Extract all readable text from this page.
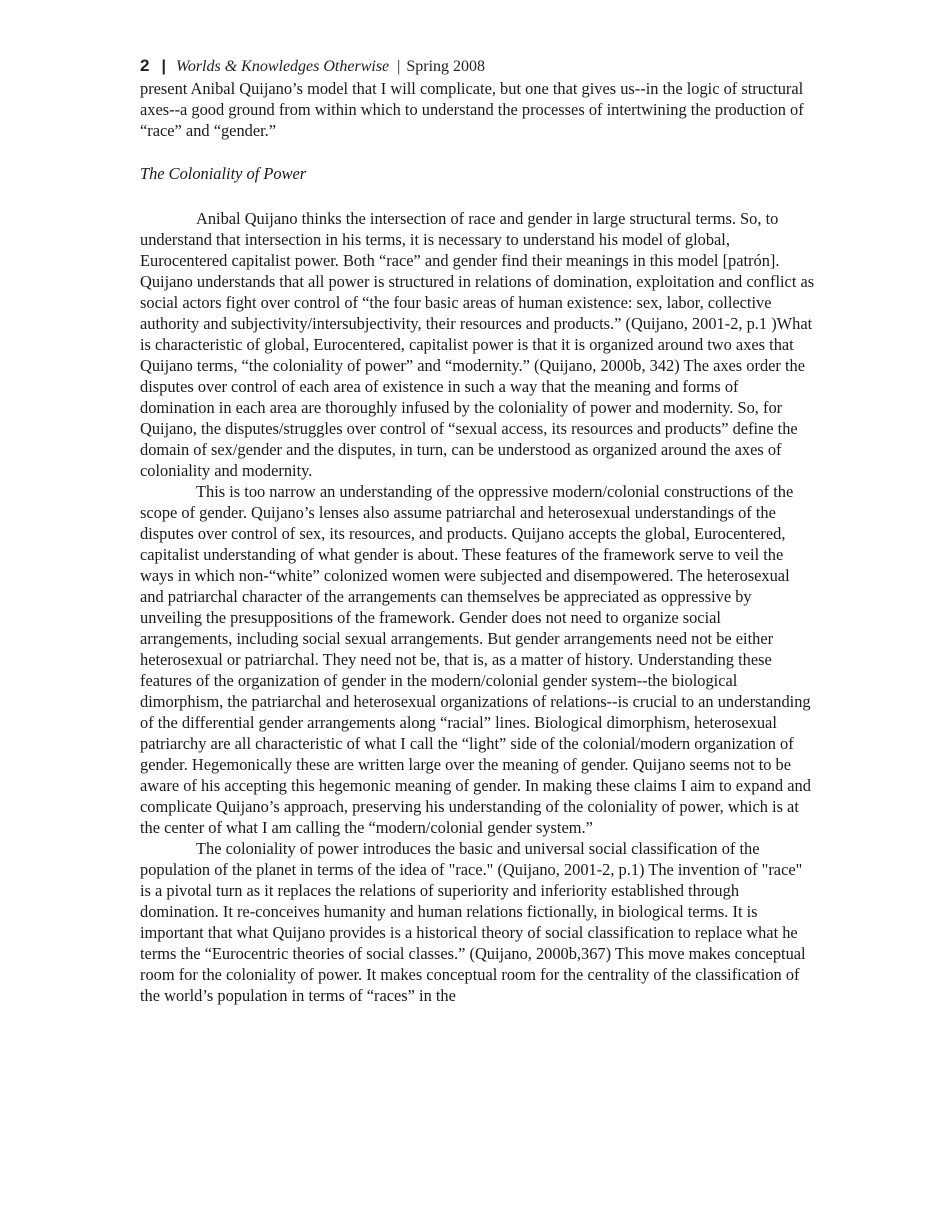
2 | Worlds & Knowledges Otherwise | Spring 2008

present Anibal Quijano’s model that I will complicate, but one that gives us--in the logic of structural axes--a good ground from within which to understand the processes of intertwining the production of “race” and “gender.”

The Coloniality of Power

Anibal Quijano thinks the intersection of race and gender in large structural terms. So, to understand that intersection in his terms, it is necessary to understand his model of global, Eurocentered capitalist power. Both “race” and gender find their meanings in this model [patrón]. Quijano understands that all power is structured in relations of domination, exploitation and conflict as social actors fight over control of “the four basic areas of human existence: sex, labor, collective authority and subjectivity/intersubjectivity, their resources and products.” (Quijano, 2001-2, p.1 )What is characteristic of global, Eurocentered, capitalist power is that it is organized around two axes that Quijano terms, “the coloniality of power” and “modernity.” (Quijano, 2000b, 342) The axes order the disputes over control of each area of existence in such a way that the meaning and forms of domination in each area are thoroughly infused by the coloniality of power and modernity. So, for Quijano, the disputes/struggles over control of “sexual access, its resources and products” define the domain of sex/gender and the disputes, in turn, can be understood as organized around the axes of coloniality and modernity.

This is too narrow an understanding of the oppressive modern/colonial constructions of the scope of gender. Quijano’s lenses also assume patriarchal and heterosexual understandings of the disputes over control of sex, its resources, and products. Quijano accepts the global, Eurocentered, capitalist understanding of what gender is about. These features of the framework serve to veil the ways in which non-“white” colonized women were subjected and disempowered. The heterosexual and patriarchal character of the arrangements can themselves be appreciated as oppressive by unveiling the presuppositions of the framework. Gender does not need to organize social arrangements, including social sexual arrangements. But gender arrangements need not be either heterosexual or patriarchal. They need not be, that is, as a matter of history. Understanding these features of the organization of gender in the modern/colonial gender system--the biological dimorphism, the patriarchal and heterosexual organizations of relations--is crucial to an understanding of the differential gender arrangements along “racial” lines. Biological dimorphism, heterosexual patriarchy are all characteristic of what I call the “light” side of the colonial/modern organization of gender. Hegemonically these are written large over the meaning of gender. Quijano seems not to be aware of his accepting this hegemonic meaning of gender. In making these claims I aim to expand and complicate Quijano’s approach, preserving his understanding of the coloniality of power, which is at the center of what I am calling the “modern/colonial gender system.”

The coloniality of power introduces the basic and universal social classification of the population of the planet in terms of the idea of "race." (Quijano, 2001-2, p.1) The invention of "race" is a pivotal turn as it replaces the relations of superiority and inferiority established through domination. It re-conceives humanity and human relations fictionally, in biological terms. It is important that what Quijano provides is a historical theory of social classification to replace what he terms the “Eurocentric theories of social classes.” (Quijano, 2000b,367) This move makes conceptual room for the coloniality of power. It makes conceptual room for the centrality of the classification of the world’s population in terms of “races” in the
